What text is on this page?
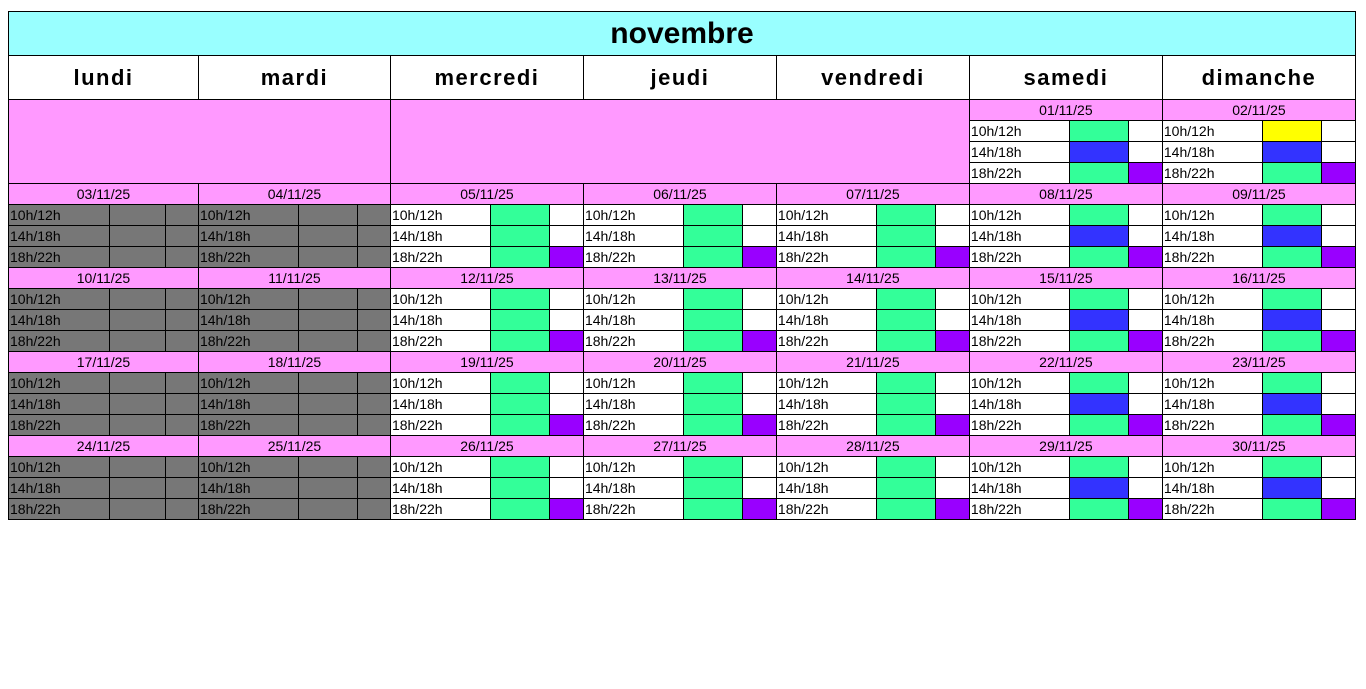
novembre																				
lundi			mardi			mercredi			jeudi			vendredi			samedi			dimanche		
															01/11/25			02/11/25		
															10h/12h			10h/12h		
															14h/18h			14h/18h		
															18h/22h			18h/22h		
03/11/25			04/11/25			05/11/25			06/11/25			07/11/25			08/11/25			09/11/25		
10h/12h			10h/12h			10h/12h			10h/12h			10h/12h			10h/12h			10h/12h		
14h/18h			14h/18h			14h/18h			14h/18h			14h/18h			14h/18h			14h/18h		
18h/22h			18h/22h			18h/22h			18h/22h			18h/22h			18h/22h			18h/22h		
10/11/25			11/11/25			12/11/25			13/11/25			14/11/25			15/11/25			16/11/25		
10h/12h			10h/12h			10h/12h			10h/12h			10h/12h			10h/12h			10h/12h		
14h/18h			14h/18h			14h/18h			14h/18h			14h/18h			14h/18h			14h/18h		
18h/22h			18h/22h			18h/22h			18h/22h			18h/22h			18h/22h			18h/22h		
17/11/25			18/11/25			19/11/25			20/11/25			21/11/25			22/11/25			23/11/25		
10h/12h			10h/12h			10h/12h			10h/12h			10h/12h			10h/12h			10h/12h		
14h/18h			14h/18h			14h/18h			14h/18h			14h/18h			14h/18h			14h/18h		
18h/22h			18h/22h			18h/22h			18h/22h			18h/22h			18h/22h			18h/22h		
24/11/25			25/11/25			26/11/25			27/11/25			28/11/25			29/11/25			30/11/25		
10h/12h			10h/12h			10h/12h			10h/12h			10h/12h			10h/12h			10h/12h		
14h/18h			14h/18h			14h/18h			14h/18h			14h/18h			14h/18h			14h/18h		
18h/22h			18h/22h			18h/22h			18h/22h			18h/22h			18h/22h			18h/22h		
